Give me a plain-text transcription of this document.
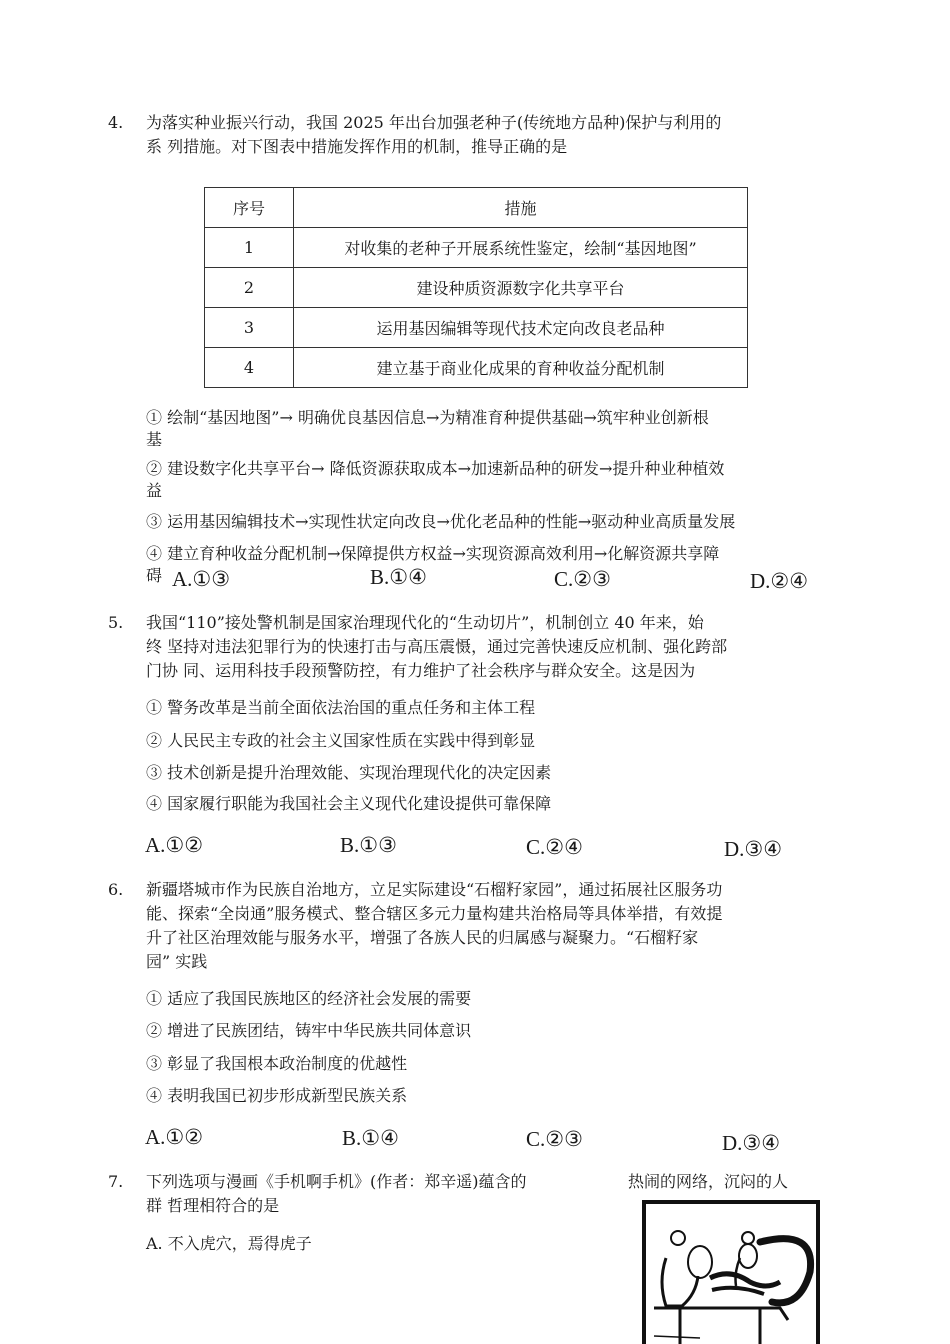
4. 为落实种业振兴行动，我国 2025 年出台加强老种子(传统地方品种)保护与利用的
系 列措施。对下图表中措施发挥作用的机制，推导正确的是
序号	措施
1	对收集的老种子开展系统性鉴定，绘制“基因地图”
2	建设种质资源数字化共享平台
3	运用基因编辑等现代技术定向改良老品种
4	建立基于商业化成果的育种收益分配机制
① 绘制“基因地图”→ 明确优良基因信息→为精准育种提供基础→筑牢种业创新根
基
② 建设数字化共享平台→ 降低资源获取成本→加速新品种的研发→提升种业种植效
益
③ 运用基因编辑技术→实现性状定向改良→优化老品种的性能→驱动种业高质量发展
④ 建立育种收益分配机制→保障提供方权益→实现资源高效利用→化解资源共享障
碍 A.①③	B.①④	C.②③	D.②④
5. 我国“110”接处警机制是国家治理现代化的“生动切片”，机制创立 40 年来，始
终 坚持对违法犯罪行为的快速打击与高压震慑，通过完善快速反应机制、强化跨部
门协 同、运用科技手段预警防控，有力维护了社会秩序与群众安全。这是因为
① 警务改革是当前全面依法治国的重点任务和主体工程
② 人民民主专政的社会主义国家性质在实践中得到彰显
③ 技术创新是提升治理效能、实现治理现代化的决定因素
④ 国家履行职能为我国社会主义现代化建设提供可靠保障
A.①②	B.①③	C.②④	D.③④
6. 新疆塔城市作为民族自治地方，立足实际建设“石榴籽家园”，通过拓展社区服务功
能、探索“全岗通”服务模式、整合辖区多元力量构建共治格局等具体举措，有效提
升了社区治理效能与服务水平，增强了各族人民的归属感与凝聚力。“石榴籽家
园” 实践
① 适应了我国民族地区的经济社会发展的需要
② 增进了民族团结，铸牢中华民族共同体意识
③ 彰显了我国根本政治制度的优越性
④ 表明我国已初步形成新型民族关系
A.①②	B.①④	C.②③	D.③④
7. 下列选项与漫画《手机啊手机》(作者：郑辛遥)蕴含的
群 哲理相符合的是
热闹的网络，沉闷的人
A. 不入虎穴，焉得虎子
